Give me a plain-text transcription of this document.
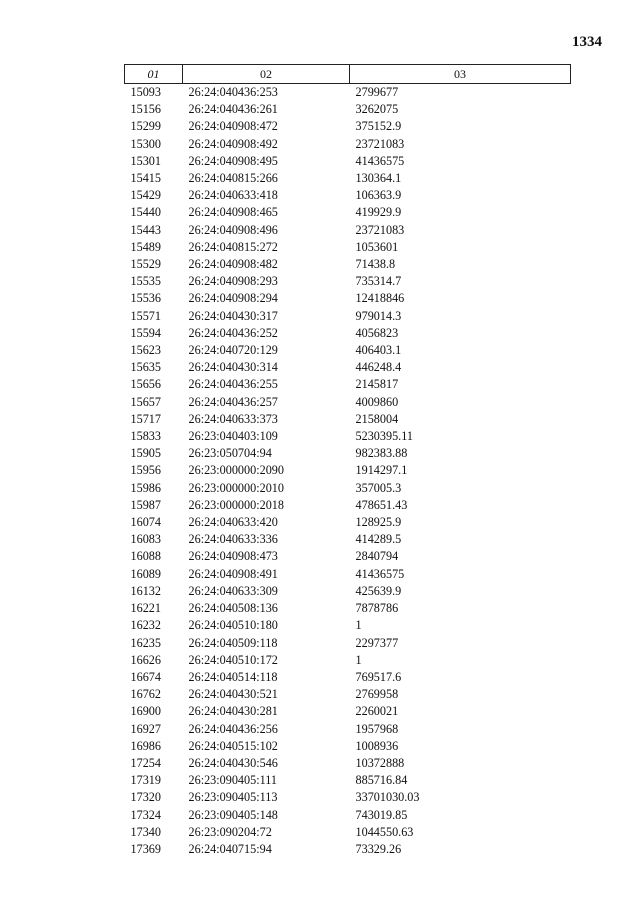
1334
01	02	03
15093	26:24:040436:253	2799677
15156	26:24:040436:261	3262075
15299	26:24:040908:472	375152.9
15300	26:24:040908:492	23721083
15301	26:24:040908:495	41436575
15415	26:24:040815:266	130364.1
15429	26:24:040633:418	106363.9
15440	26:24:040908:465	419929.9
15443	26:24:040908:496	23721083
15489	26:24:040815:272	1053601
15529	26:24:040908:482	71438.8
15535	26:24:040908:293	735314.7
15536	26:24:040908:294	12418846
15571	26:24:040430:317	979014.3
15594	26:24:040436:252	4056823
15623	26:24:040720:129	406403.1
15635	26:24:040430:314	446248.4
15656	26:24:040436:255	2145817
15657	26:24:040436:257	4009860
15717	26:24:040633:373	2158004
15833	26:23:040403:109	5230395.11
15905	26:23:050704:94	982383.88
15956	26:23:000000:2090	1914297.1
15986	26:23:000000:2010	357005.3
15987	26:23:000000:2018	478651.43
16074	26:24:040633:420	128925.9
16083	26:24:040633:336	414289.5
16088	26:24:040908:473	2840794
16089	26:24:040908:491	41436575
16132	26:24:040633:309	425639.9
16221	26:24:040508:136	7878786
16232	26:24:040510:180	1
16235	26:24:040509:118	2297377
16626	26:24:040510:172	1
16674	26:24:040514:118	769517.6
16762	26:24:040430:521	2769958
16900	26:24:040430:281	2260021
16927	26:24:040436:256	1957968
16986	26:24:040515:102	1008936
17254	26:24:040430:546	10372888
17319	26:23:090405:111	885716.84
17320	26:23:090405:113	33701030.03
17324	26:23:090405:148	743019.85
17340	26:23:090204:72	1044550.63
17369	26:24:040715:94	73329.26
